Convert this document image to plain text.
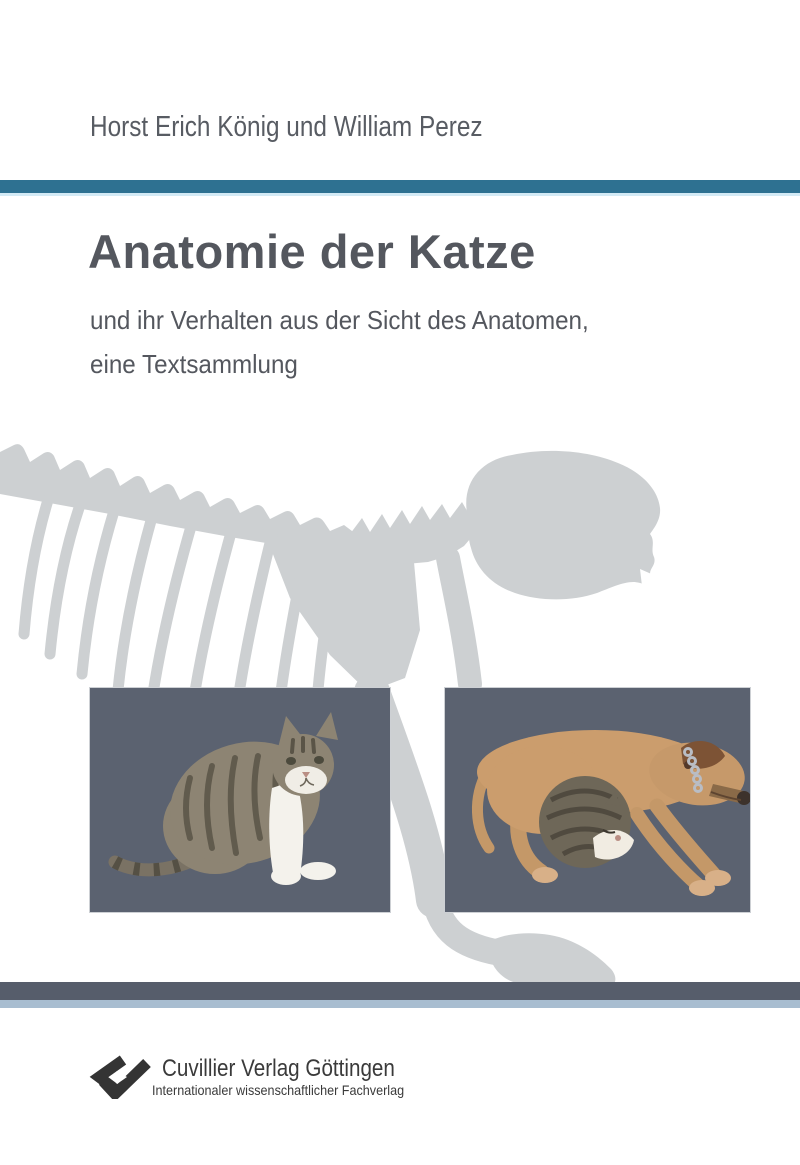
Horst Erich König und William Perez
Anatomie der Katze
und ihr Verhalten aus der Sicht des Anatomen,
eine Textsammlung
Cuvillier Verlag Göttingen
Internationaler wissenschaftlicher Fachverlag
